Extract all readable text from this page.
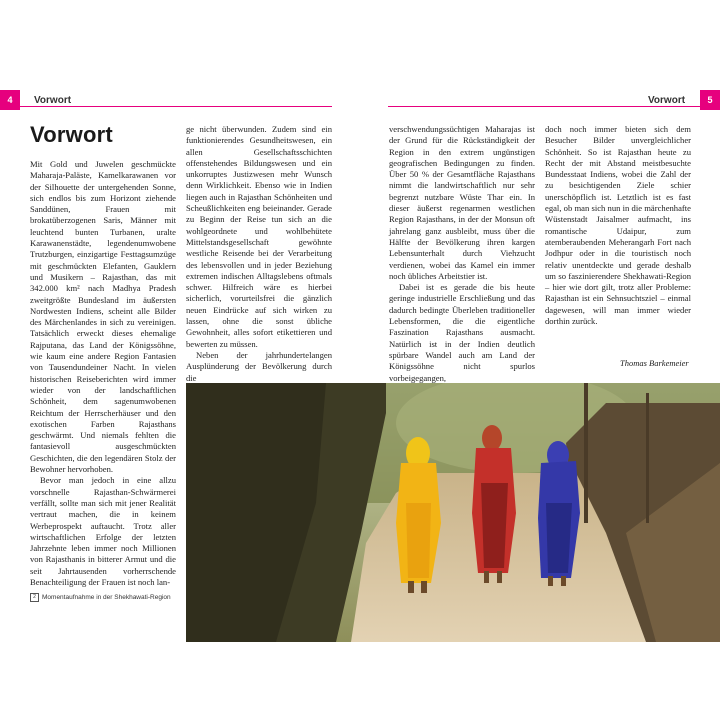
4 Vorwort	5
Vorwort
Vorwort

Mit Gold und Juwelen geschmückte Maharaja-Paläste, Kamelkarawanen vor der Silhouette der untergehenden Sonne, sich endlos bis zum Horizont ziehende Sanddünen, Frauen mit brokatüberzogenen Saris, Männer mit leuchtend bunten Turbanen, uralte Karawanenstädte, legendenumwobene Trutzburgen, einzigartige Festtagsumzüge mit geschmückten Elefanten, Gauklern und Musikern – Rajasthan, das mit 342.000 km² nach Madhya Pradesh zweitgrößte Bundesland im äußersten Nordwesten Indiens, scheint alle Bilder des Märchenlandes in sich zu vereinigen. Tatsächlich erweckt dieses ehemalige Rajputana, das Land der Königssöhne, wie kaum eine andere Region Fantasien von Tausendundeiner Nacht. In vielen historischen Reiseberichten wird immer wieder von der landschaftlichen Schönheit, dem sagenumwobenen Reichtum der Herrscherhäuser und den exotischen Farben Rajasthans geschwärmt. Und niemals fehlten die fantasievoll ausgeschmückten Geschichten, die den legendären Stolz der Bewohner hervorhoben.

Bevor man jedoch in eine allzu vorschnelle Rajasthan-Schwärmerei verfällt, sollte man sich mit jener Realität vertraut machen, die in keinem Werbeprospekt auftaucht. Trotz aller wirtschaftlichen Erfolge der letzten Jahrzehnte leben immer noch Millionen von Rajasthanis in bitterer Armut und die seit Jahrtausenden vorherrschende Benachteiligung der Frauen ist noch lan-

ge nicht überwunden. Zudem sind ein funktionierendes Gesundheitswesen, ein allen Gesellschaftsschichten offenstehendes Bildungswesen und ein unkorruptes Justizwesen mehr Wunsch denn Wirklichkeit. Ebenso wie in Indien liegen auch in Rajasthan Schönheiten und Scheußlichkeiten eng beieinander. Gerade zu Beginn der Reise tun sich an die wohlgeordnete und wohlbehütete Mittelstandsgesellschaft gewöhnte westliche Reisende bei der Verarbeitung des lebensvollen und in jeder Beziehung extremen indischen Alltagslebens oftmals schwer. Hilfreich wäre es hierbei sicherlich, vorurteilsfrei die gänzlich neuen Eindrücke auf sich wirken zu lassen, ohne die sonst übliche Gewohnheit, alles sofort etikettieren und bewerten zu müssen.

Neben der jahrhundertelangen Ausplünderung der Bevölkerung durch die

verschwendungssüchtigen Maharajas ist der Grund für die Rückständigkeit der Region in den extrem ungünstigen geografischen Bedingungen zu finden. Über 50 % der Gesamtfläche Rajasthans nimmt die landwirtschaftlich nur sehr begrenzt nutzbare Wüste Thar ein. In dieser äußerst regenarmen westlichen Region Rajasthans, in der der Monsun oft jahrelang ganz ausbleibt, muss über die Hälfte der Bevölkerung ihren kargen Lebensunterhalt durch Viehzucht verdienen, wobei das Kamel ein immer noch übliches Arbeitstier ist.

Dabei ist es gerade die bis heute geringe industrielle Erschließung und das dadurch bedingte Überleben traditioneller Lebensformen, die die eigentliche Faszination Rajasthans ausmacht. Natürlich ist in der Indien deutlich spürbare Wandel auch am Land der Königssöhne nicht spurlos vorbeigegangen,

doch noch immer bieten sich dem Besucher Bilder unvergleichlicher Schönheit. So ist Rajasthan heute zu Recht der mit Abstand meistbesuchte Bundesstaat Indiens, wobei die Zahl der zu besichtigenden Ziele schier unerschöpflich ist. Letztlich ist es fast egal, ob man sich nun in die märchenhafte Wüstenstadt Jaisalmer aufmacht, ins romantische Udaipur, zum atemberaubenden Meherangarh Fort nach Jodhpur oder in die touristisch noch relativ unentdeckte und gerade deshalb um so faszinierendere Shekhawati-Region – hier wie dort gilt, trotz aller Probleme: Rajasthan ist ein Sehnsuchtsziel – einmal dagewesen, will man immer wieder dorthin zurück.

Thomas Barkemeier
2 Momentaufnahme in der Shekhawati-Region
